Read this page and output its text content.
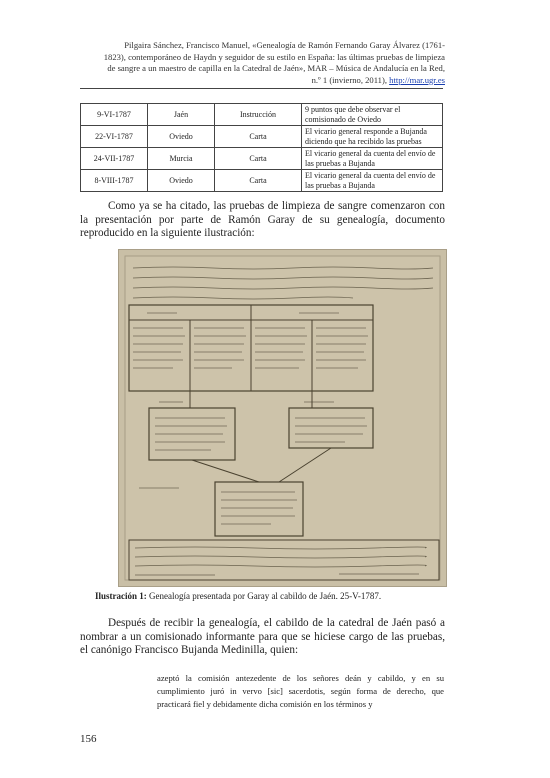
Pilgaira Sánchez, Francisco Manuel, «Genealogía de Ramón Fernando Garay Álvarez (1761-
1823), contemporáneo de Haydn y seguidor de su estilo en España: las últimas pruebas de limpieza
de sangre a un maestro de capilla en la Catedral de Jaén», MAR – Música de Andalucía en la Red,
n.º 1 (invierno, 2011), http://mar.ugr.es
9-VI-1787	Jaén	Instrucción	9 puntos que debe observar el comisionado de Oviedo
22-VI-1787	Oviedo	Carta	El vicario general responde a Bujanda diciendo que ha recibido las pruebas
24-VII-1787	Murcia	Carta	El vicario general da cuenta del envío de las pruebas a Bujanda
8-VIII-1787	Oviedo	Carta	El vicario general da cuenta del envío de las pruebas a Bujanda
Como ya se ha citado, las pruebas de limpieza de sangre comenzaron con la presentación por parte de Ramón Garay de su genealogía, documento reproducido en la siguiente ilustración:
Ilustración 1: Genealogía presentada por Garay al cabildo de Jaén. 25-V-1787.
Después de recibir la genealogía, el cabildo de la catedral de Jaén pasó a nombrar a un comisionado informante para que se hiciese cargo de las pruebas, el canónigo Francisco Bujanda Medinilla, quien:
azeptó la comisión antezedente de los señores deán y cabildo, y en su cumplimiento juró in vervo [sic] sacerdotis, según forma de derecho, que practicará fiel y debidamente dicha comisión en los términos y
156
